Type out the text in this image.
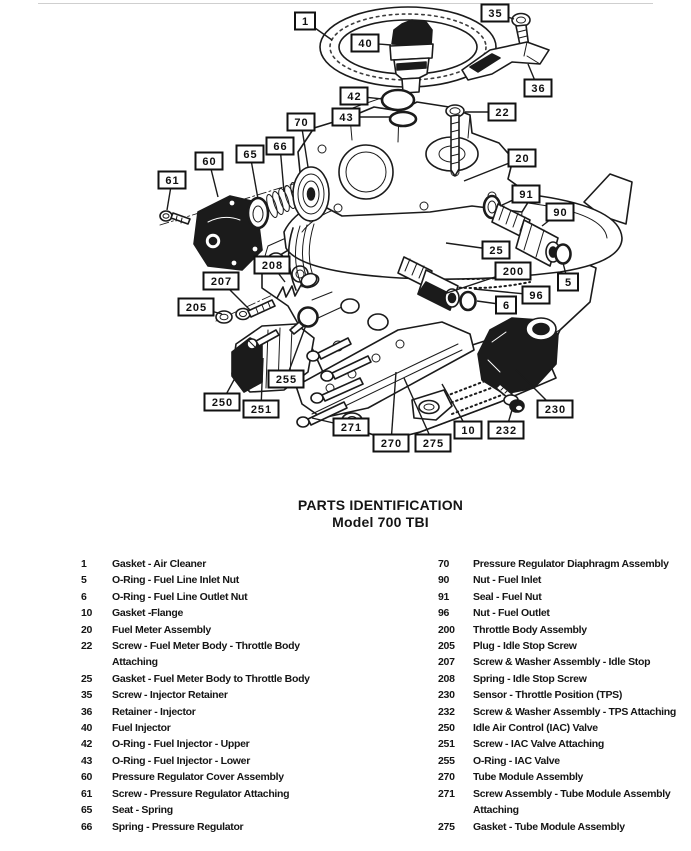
1
35
36
40
42
43	22
70
66
65
60
61
20
91
90
25
200
5
96
6
208
207
205
255
250
251
271
270 275
10 232
230
PARTS IDENTIFICATION
Model 700 TBI
1	Gasket - Air Cleaner
5	O-Ring - Fuel Line Inlet Nut
6	O-Ring - Fuel Line Outlet Nut
10	Gasket -Flange
20	Fuel Meter Assembly
22	Screw - Fuel Meter Body - Throttle Body Attaching
25	Gasket - Fuel Meter Body to Throttle Body
35	Screw - Injector Retainer
36	Retainer - Injector
40	Fuel Injector
42	O-Ring - Fuel Injector - Upper
43	O-Ring - Fuel Injector - Lower
60	Pressure Regulator Cover Assembly
61	Screw - Pressure Regulator Attaching
65	Seat - Spring
66	Spring - Pressure Regulator
70	Pressure Regulator Diaphragm Assembly
90	Nut - Fuel Inlet
91	Seal - Fuel Nut
96	Nut - Fuel Outlet
200	Throttle Body Assembly
205	Plug - Idle Stop Screw
207	Screw & Washer Assembly - Idle Stop
208	Spring - Idle Stop Screw
230	Sensor - Throttle Position (TPS)
232	Screw & Washer Assembly - TPS Attaching
250	Idle Air Control (IAC) Valve
251	Screw - IAC Valve Attaching
255	O-Ring - IAC Valve
270	Tube Module Assembly
271	Screw Assembly - Tube Module Assembly Attaching
275	Gasket - Tube Module Assembly
